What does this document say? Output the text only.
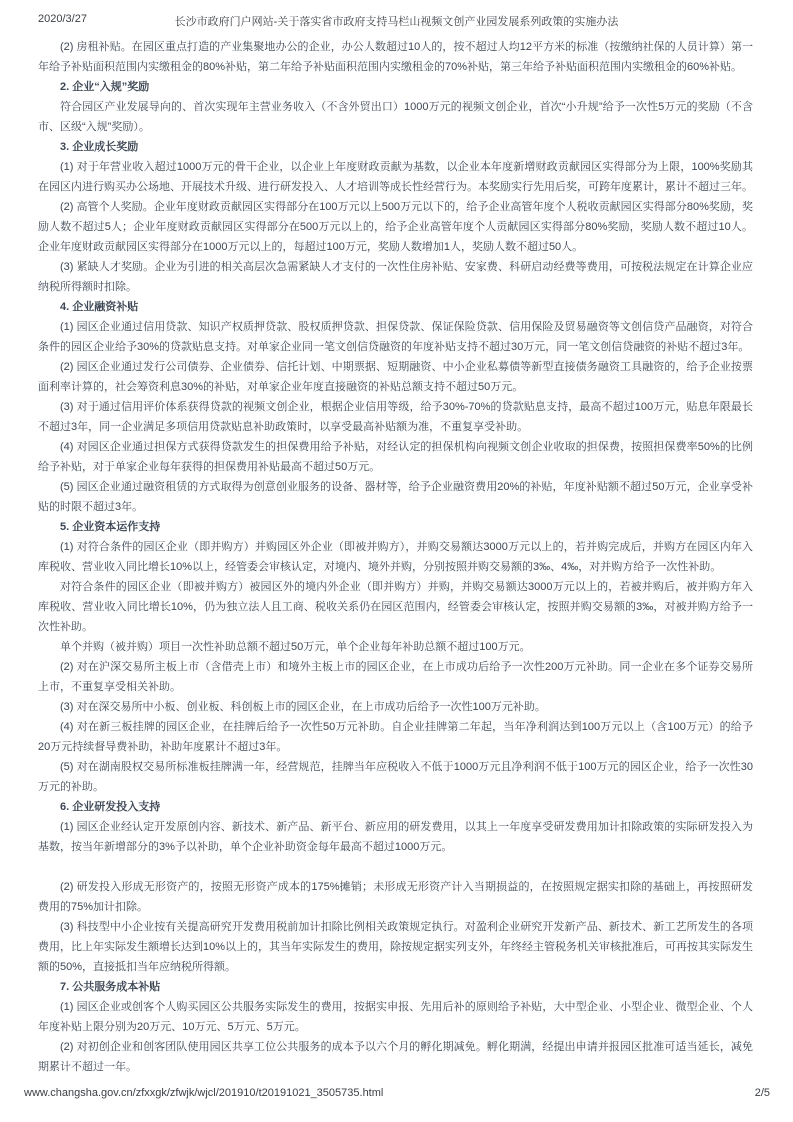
2020/3/27	长沙市政府门户网站-关于落实省市政府支持马栏山视频文创产业园发展系列政策的实施办法

(2) 房租补贴。在园区重点打造的产业集聚地办公的企业，办公人数超过10人的，按不超过人均12平方米的标准（按缴纳社保的人员计算）第一年给予补贴面积范围内实缴租金的80%补贴，第二年给予补贴面积范围内实缴租金的70%补贴，第三年给予补贴面积范围内实缴租金的60%补贴。

2. 企业“入规”奖励

符合园区产业发展导向的、首次实现年主营业务收入（不含外贸出口）1000万元的视频文创企业，首次“小升规”给予一次性5万元的奖励（不含市、区级“入规”奖励）。

3. 企业成长奖励

(1) 对于年营业收入超过1000万元的骨干企业，以企业上年度财政贡献为基数，以企业本年度新增财政贡献园区实得部分为上限，100%奖励其在园区内进行购买办公场地、开展技术升级、进行研发投入、人才培训等成长性经营行为。本奖励实行先用后奖，可跨年度累计，累计不超过三年。

(2) 高管个人奖励。企业年度财政贡献园区实得部分在100万元以上500万元以下的，给予企业高管年度个人税收贡献园区实得部分80%奖励，奖励人数不超过5人；企业年度财政贡献园区实得部分在500万元以上的，给予企业高管年度个人贡献园区实得部分80%奖励，奖励人数不超过10人。企业年度财政贡献园区实得部分在1000万元以上的，每超过100万元，奖励人数增加1人，奖励人数不超过50人。

(3) 紧缺人才奖励。企业为引进的相关高层次急需紧缺人才支付的一次性住房补贴、安家费、科研启动经费等费用，可按税法规定在计算企业应纳税所得额时扣除。

4. 企业融资补贴

(1) 园区企业通过信用贷款、知识产权质押贷款、股权质押贷款、担保贷款、保证保险贷款、信用保险及贸易融资等文创信贷产品融资，对符合条件的园区企业给予30%的贷款贴息支持。对单家企业同一笔文创信贷融资的年度补贴支持不超过30万元，同一笔文创信贷融资的补贴不超过3年。

(2) 园区企业通过发行公司债券、企业债券、信托计划、中期票据、短期融资、中小企业私募债等新型直接债务融资工具融资的，给予企业按票面利率计算的，社会筹资利息30%的补贴，对单家企业年度直接融资的补贴总额支持不超过50万元。

(3) 对于通过信用评价体系获得贷款的视频文创企业，根据企业信用等级，给予30%-70%的贷款贴息支持，最高不超过100万元，贴息年限最长不超过3年，同一企业满足多项信用贷款贴息补助政策时，以享受最高补贴额为准，不重复享受补助。

(4) 对园区企业通过担保方式获得贷款发生的担保费用给予补贴，对经认定的担保机构向视频文创企业收取的担保费，按照担保费率50%的比例给予补贴，对于单家企业每年获得的担保费用补贴最高不超过50万元。

(5) 园区企业通过融资租赁的方式取得为创意创业服务的设备、器材等，给予企业融资费用20%的补贴，年度补贴额不超过50万元，企业享受补贴的时限不超过3年。

5. 企业资本运作支持

(1) 对符合条件的园区企业（即并购方）并购园区外企业（即被并购方），并购交易额达3000万元以上的，若并购完成后，并购方在园区内年入库税收、营业收入同比增长10%以上，经管委会审核认定，对境内、境外并购，分别按照并购交易额的3‰、4‰，对并购方给予一次性补助。

对符合条件的园区企业（即被并购方）被园区外的境内外企业（即并购方）并购，并购交易额达3000万元以上的，若被并购后，被并购方年入库税收、营业收入同比增长10%，仍为独立法人且工商、税收关系仍在园区范围内，经管委会审核认定，按照并购交易额的3‰，对被并购方给予一次性补助。

单个并购（被并购）项目一次性补助总额不超过50万元，单个企业每年补助总额不超过100万元。

(2) 对在沪深交易所主板上市（含借壳上市）和境外主板上市的园区企业，在上市成功后给予一次性200万元补助。同一企业在多个证券交易所上市，不重复享受相关补助。

(3) 对在深交易所中小板、创业板、科创板上市的园区企业，在上市成功后给予一次性100万元补助。

(4) 对在新三板挂牌的园区企业，在挂牌后给予一次性50万元补助。自企业挂牌第二年起，当年净利润达到100万元以上（含100万元）的给予20万元持续督导费补助，补助年度累计不超过3年。

(5) 对在湖南股权交易所标准板挂牌满一年，经营规范，挂牌当年应税收入不低于1000万元且净利润不低于100万元的园区企业，给予一次性30万元的补助。

6. 企业研发投入支持

(1) 园区企业经认定开发原创内容、新技术、新产品、新平台、新应用的研发费用，以其上一年度享受研发费用加计扣除政策的实际研发投入为基数，按当年新增部分的3%予以补助，单个企业补助资金每年最高不超过1000万元。

(2) 研发投入形成无形资产的，按照无形资产成本的175%摊销；未形成无形资产计入当期损益的，在按照规定据实扣除的基础上，再按照研发费用的75%加计扣除。

(3) 科技型中小企业按有关提高研究开发费用税前加计扣除比例相关政策规定执行。对盈利企业研究开发新产品、新技术、新工艺所发生的各项费用，比上年实际发生额增长达到10%以上的，其当年实际发生的费用，除按规定据实列支外，年终经主管税务机关审核批准后，可再按其实际发生额的50%，直接抵扣当年应纳税所得额。

7. 公共服务成本补贴

(1) 园区企业或创客个人购买园区公共服务实际发生的费用，按据实申报、先用后补的原则给予补贴，大中型企业、小型企业、微型企业、个人年度补贴上限分别为20万元、10万元、5万元、5万元。

(2) 对初创企业和创客团队使用园区共享工位公共服务的成本予以六个月的孵化期减免。孵化期满，经提出申请并报园区批准可适当延长，减免期累计不超过一年。

www.changsha.gov.cn/zfxxgk/zfwjk/wjcl/201910/t20191021_3505735.html	2/5
